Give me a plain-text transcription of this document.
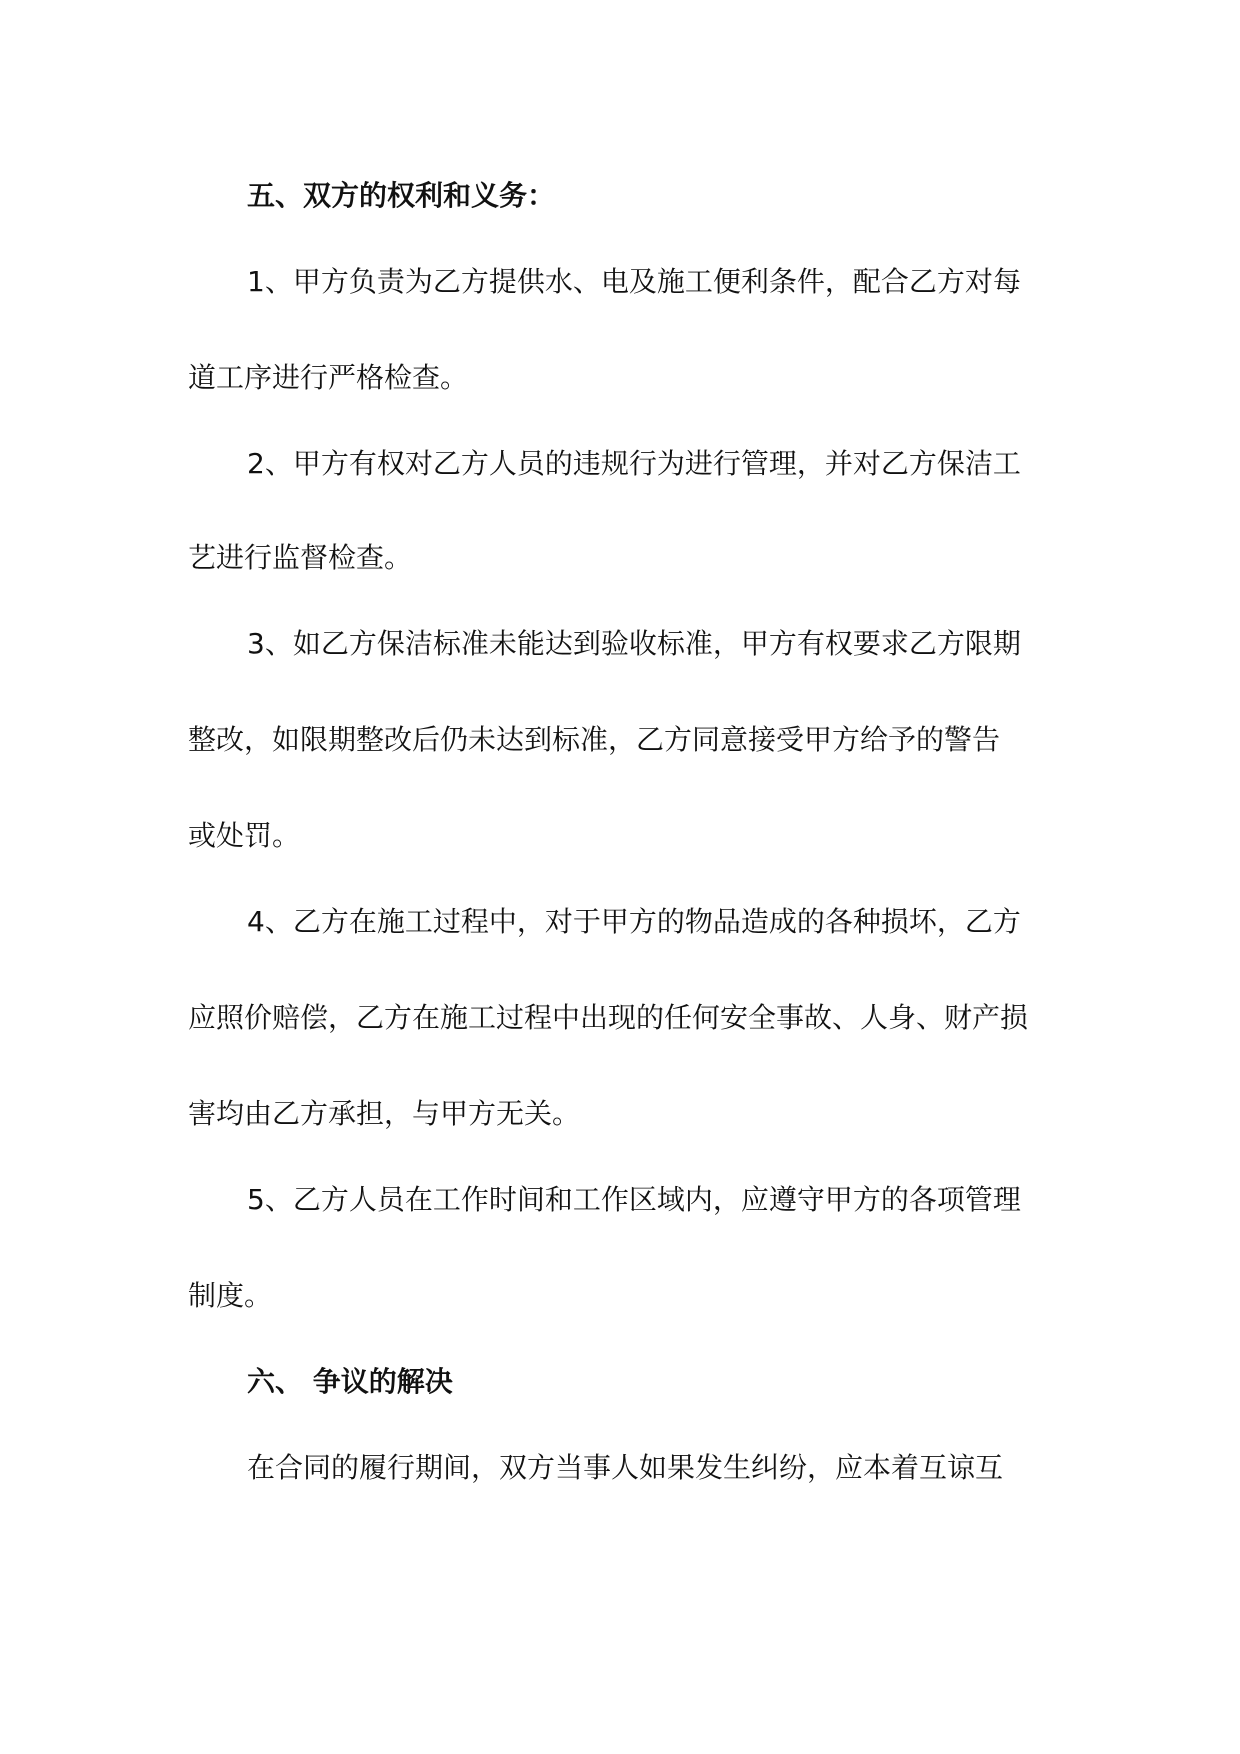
五、双方的权利和义务：
1、甲方负责为乙方提供水、电及施工便利条件，配合乙方对每
道工序进行严格检查。
2、甲方有权对乙方人员的违规行为进行管理，并对乙方保洁工
艺进行监督检查。
3、如乙方保洁标准未能达到验收标准，甲方有权要求乙方限期
整改，如限期整改后仍未达到标准，乙方同意接受甲方给予的警告
或处罚。
4、乙方在施工过程中，对于甲方的物品造成的各种损坏，乙方
应照价赔偿，乙方在施工过程中出现的任何安全事故、人身、财产损
害均由乙方承担，与甲方无关。
5、乙方人员在工作时间和工作区域内，应遵守甲方的各项管理
制度。
六、 争议的解决
在合同的履行期间，双方当事人如果发生纠纷，应本着互谅互
